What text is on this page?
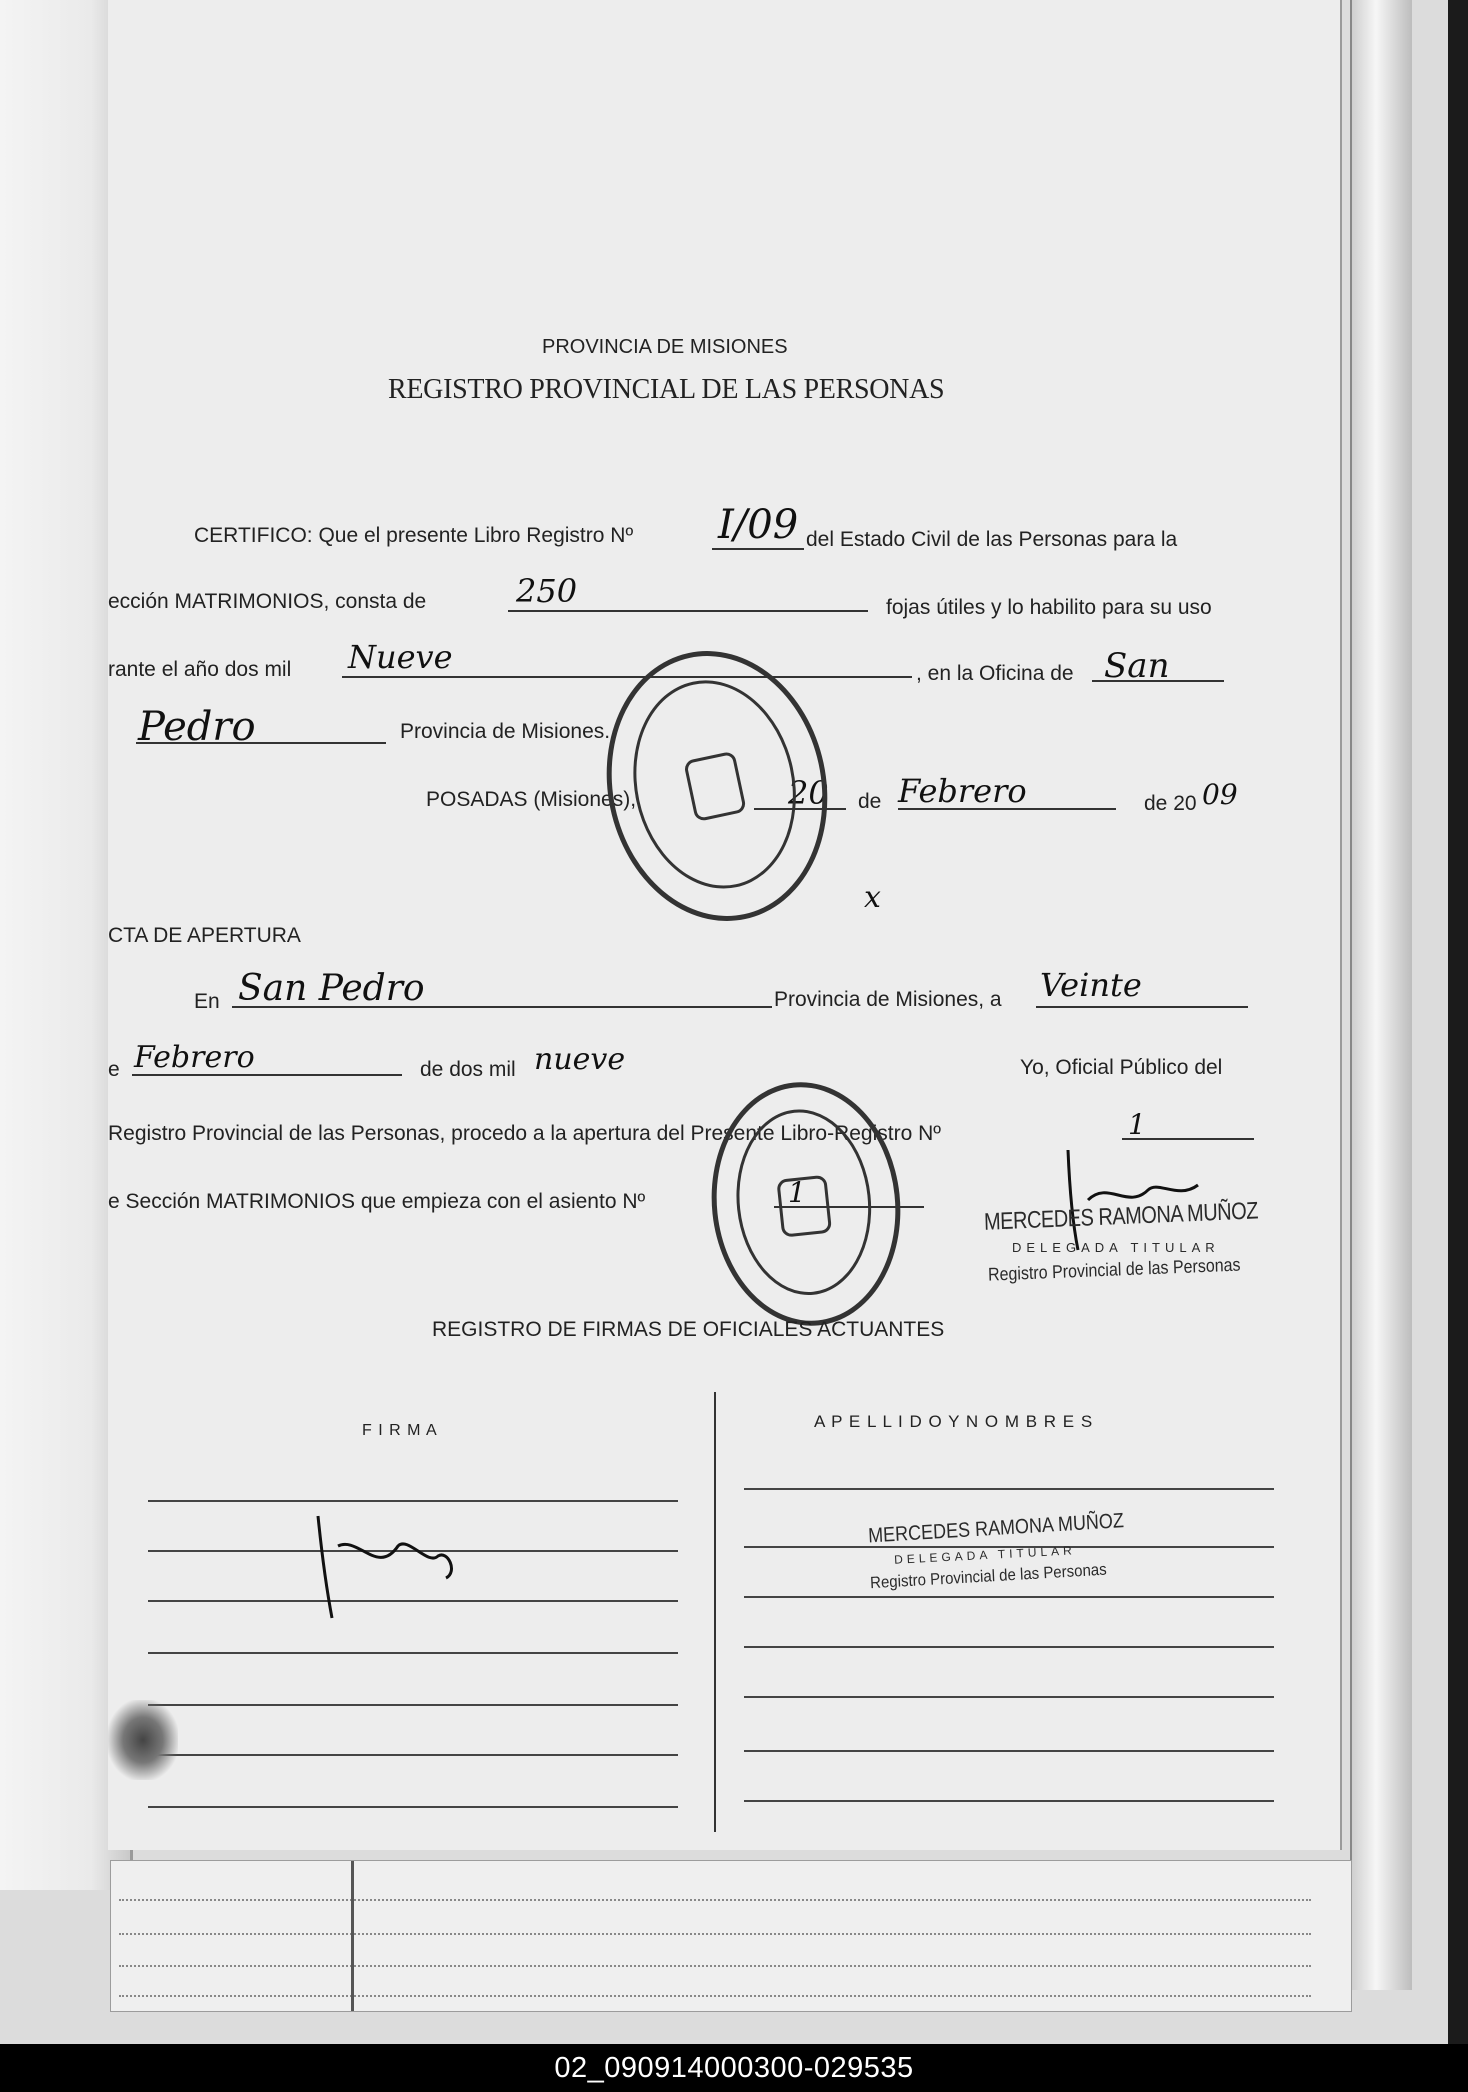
PROVINCIA DE MISIONES
REGISTRO PROVINCIAL DE LAS PERSONAS
CERTIFICO: Que el presente Libro Registro Nº I/09 del Estado Civil de las Personas para la
ección MATRIMONIOS, consta de	250	fojas útiles y lo habilito para su uso
rante el año dos mil Nueve	, en la Oficina de San
Pedro	Provincia de Misiones.
POSADAS (Misiones),	20 de Febrero	de 20 09
x
CTA DE APERTURA
En San Pedro	Provincia de Misiones, a Veinte
e Febrero	de dos mil nueve	Yo, Oficial Público del
Registro Provincial de las Personas, procedo a la apertura del Presente Libro-Registro Nº	1
e Sección MATRIMONIOS que empieza con el asiento Nº	1
MERCEDES RAMONA MUÑOZ
DELEGADA TITULAR
Registro Provincial de las Personas
REGISTRO DE FIRMAS DE OFICIALES ACTUANTES
F I R M A	A P E L L I D O Y N O M B R E S
MERCEDES RAMONA MUÑOZ
DELEGADA TITULAR
Registro Provincial de las Personas
02_090914000300-029535
